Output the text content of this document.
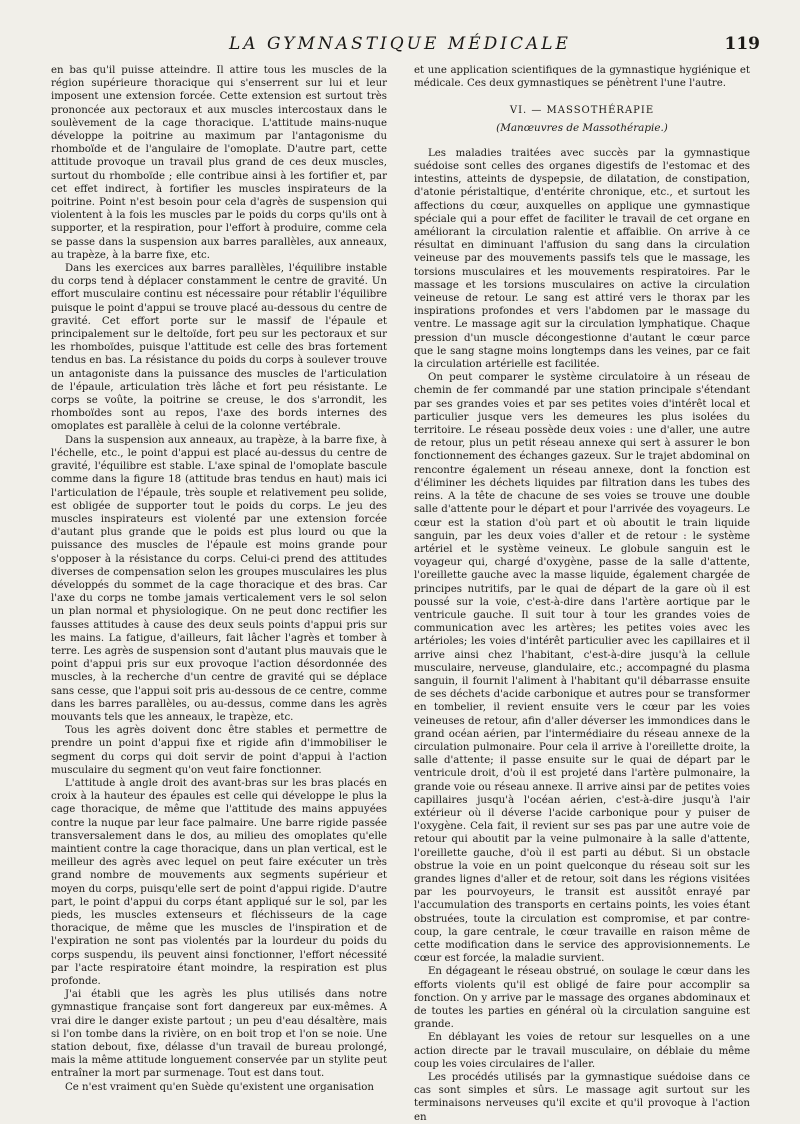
LA GYMNASTIQUE MÉDICALE	119

en bas qu'il puisse atteindre. Il attire tous les muscles de la région supérieure thoracique qui s'enserrent sur lui et leur imposent une extension forcée. Cette extension est surtout très prononcée aux pectoraux et aux muscles intercostaux dans le soulèvement de la cage thoracique. L'attitude mains-nuque développe la poitrine au maximum par l'antagonisme du rhomboïde et de l'angulaire de l'omoplate. D'autre part, cette attitude provoque un travail plus grand de ces deux muscles, surtout du rhomboïde ; elle contribue ainsi à les fortifier et, par cet effet indirect, à fortifier les muscles inspirateurs de la poitrine. Point n'est besoin pour cela d'agrès de suspension qui violentent à la fois les muscles par le poids du corps qu'ils ont à supporter, et la respiration, pour l'effort à produire, comme cela se passe dans la suspension aux barres parallèles, aux anneaux, au trapèze, à la barre fixe, etc.

Dans les exercices aux barres parallèles, l'équilibre instable du corps tend à déplacer constamment le centre de gravité. Un effort musculaire continu est nécessaire pour rétablir l'équilibre puisque le point d'appui se trouve placé au-dessous du centre de gravité. Cet effort porte sur le massif de l'épaule et principalement sur le deltoïde, fort peu sur les pectoraux et sur les rhomboïdes, puisque l'attitude est celle des bras fortement tendus en bas. La résistance du poids du corps à soulever trouve un antagoniste dans la puissance des muscles de l'articulation de l'épaule, articulation très lâche et fort peu résistante. Le corps se voûte, la poitrine se creuse, le dos s'arrondit, les rhomboïdes sont au repos, l'axe des bords internes des omoplates est parallèle à celui de la colonne vertébrale.

Dans la suspension aux anneaux, au trapèze, à la barre fixe, à l'échelle, etc., le point d'appui est placé au-dessus du centre de gravité, l'équilibre est stable. L'axe spinal de l'omoplate bascule comme dans la figure 18 (attitude bras tendus en haut) mais ici l'articulation de l'épaule, très souple et relativement peu solide, est obligée de supporter tout le poids du corps. Le jeu des muscles inspirateurs est violenté par une extension forcée d'autant plus grande que le poids est plus lourd ou que la puissance des muscles de l'épaule est moins grande pour s'opposer à la résistance du corps. Celui-ci prend des attitudes diverses de compensation selon les groupes musculaires les plus développés du sommet de la cage thoracique et des bras. Car l'axe du corps ne tombe jamais verticalement vers le sol selon un plan normal et physiologique. On ne peut donc rectifier les fausses attitudes à cause des deux seuls points d'appui pris sur les mains. La fatigue, d'ailleurs, fait lâcher l'agrès et tomber à terre. Les agrès de suspension sont d'autant plus mauvais que le point d'appui pris sur eux provoque l'action désordonnée des muscles, à la recherche d'un centre de gravité qui se déplace sans cesse, que l'appui soit pris au-dessous de ce centre, comme dans les barres parallèles, ou au-dessus, comme dans les agrès mouvants tels que les anneaux, le trapèze, etc.

Tous les agrès doivent donc être stables et permettre de prendre un point d'appui fixe et rigide afin d'immobiliser le segment du corps qui doit servir de point d'appui à l'action musculaire du segment qu'on veut faire fonctionner.

L'attitude à angle droit des avant-bras sur les bras placés en croix à la hauteur des épaules est celle qui développe le plus la cage thoracique, de même que l'attitude des mains appuyées contre la nuque par leur face palmaire. Une barre rigide passée transversalement dans le dos, au milieu des omoplates qu'elle maintient contre la cage thoracique, dans un plan vertical, est le meilleur des agrès avec lequel on peut faire exécuter un très grand nombre de mouvements aux segments supérieur et moyen du corps, puisqu'elle sert de point d'appui rigide. D'autre part, le point d'appui du corps étant appliqué sur le sol, par les pieds, les muscles extenseurs et fléchisseurs de la cage thoracique, de même que les muscles de l'inspiration et de l'expiration ne sont pas violentés par la lourdeur du poids du corps suspendu, ils peuvent ainsi fonctionner, l'effort nécessité par l'acte respiratoire étant moindre, la respiration est plus profonde.

J'ai établi que les agrès les plus utilisés dans notre gymnastique française sont fort dangereux par eux-mêmes. A vrai dire le danger existe partout ; un peu d'eau désaltère, mais si l'on tombe dans la rivière, on en boit trop et l'on se noie. Une station debout, fixe, délasse d'un travail de bureau prolongé, mais la même attitude longuement conservée par un stylite peut entraîner la mort par surmenage. Tout est dans tout.

Ce n'est vraiment qu'en Suède qu'existent une organisation

et une application scientifiques de la gymnastique hygiénique et médicale. Ces deux gymnastiques se pénètrent l'une l'autre.

VI. — MASSOTHÉRAPIE
(Manœuvres de Massothérapie.)

Les maladies traitées avec succès par la gymnastique suédoise sont celles des organes digestifs de l'estomac et des intestins, atteints de dyspepsie, de dilatation, de constipation, d'atonie péristaltique, d'entérite chronique, etc., et surtout les affections du cœur, auxquelles on applique une gymnastique spéciale qui a pour effet de faciliter le travail de cet organe en améliorant la circulation ralentie et affaiblie. On arrive à ce résultat en diminuant l'affusion du sang dans la circulation veineuse par des mouvements passifs tels que le massage, les torsions musculaires et les mouvements respiratoires. Par le massage et les torsions musculaires on active la circulation veineuse de retour. Le sang est attiré vers le thorax par les inspirations profondes et vers l'abdomen par le massage du ventre. Le massage agit sur la circulation lymphatique. Chaque pression d'un muscle décongestionne d'autant le cœur parce que le sang stagne moins longtemps dans les veines, par ce fait la circulation artérielle est facilitée.

On peut comparer le système circulatoire à un réseau de chemin de fer commandé par une station principale s'étendant par ses grandes voies et par ses petites voies d'intérêt local et particulier jusque vers les demeures les plus isolées du territoire. Le réseau possède deux voies : une d'aller, une autre de retour, plus un petit réseau annexe qui sert à assurer le bon fonctionnement des échanges gazeux. Sur le trajet abdominal on rencontre également un réseau annexe, dont la fonction est d'éliminer les déchets liquides par filtration dans les tubes des reins. A la tête de chacune de ses voies se trouve une double salle d'attente pour le départ et pour l'arrivée des voyageurs. Le cœur est la station d'où part et où aboutit le train liquide sanguin, par les deux voies d'aller et de retour : le système artériel et le système veineux. Le globule sanguin est le voyageur qui, chargé d'oxygène, passe de la salle d'attente, l'oreillette gauche avec la masse liquide, également chargée de principes nutritifs, par le quai de départ de la gare où il est poussé sur la voie, c'est-à-dire dans l'artère aortique par le ventricule gauche. Il suit tour à tour les grandes voies de communication avec les artères; les petites voies avec les artérioles; les voies d'intérêt particulier avec les capillaires et il arrive ainsi chez l'habitant, c'est-à-dire jusqu'à la cellule musculaire, nerveuse, glandulaire, etc.; accompagné du plasma sanguin, il fournit l'aliment à l'habitant qu'il débarrasse ensuite de ses déchets d'acide carbonique et autres pour se transformer en tombelier, il revient ensuite vers le cœur par les voies veineuses de retour, afin d'aller déverser les immondices dans le grand océan aérien, par l'intermédiaire du réseau annexe de la circulation pulmonaire. Pour cela il arrive à l'oreillette droite, la salle d'attente; il passe ensuite sur le quai de départ par le ventricule droit, d'où il est projeté dans l'artère pulmonaire, la grande voie ou réseau annexe. Il arrive ainsi par de petites voies capillaires jusqu'à l'océan aérien, c'est-à-dire jusqu'à l'air extérieur où il déverse l'acide carbonique pour y puiser de l'oxygène. Cela fait, il revient sur ses pas par une autre voie de retour qui aboutit par la veine pulmonaire à la salle d'attente, l'oreillette gauche, d'où il est parti au début. Si un obstacle obstrue la voie en un point quelconque du réseau soit sur les grandes lignes d'aller et de retour, soit dans les régions visitées par les pourvoyeurs, le transit est aussitôt enrayé par l'accumulation des transports en certains points, les voies étant obstruées, toute la circulation est compromise, et par contre-coup, la gare centrale, le cœur travaille en raison même de cette modification dans le service des approvisionnements. Le cœur est forcée, la maladie survient.

En dégageant le réseau obstrué, on soulage le cœur dans les efforts violents qu'il est obligé de faire pour accomplir sa fonction. On y arrive par le massage des organes abdominaux et de toutes les parties en général où la circulation sanguine est grande.

En déblayant les voies de retour sur lesquelles on a une action directe par le travail musculaire, on déblaie du même coup les voies circulaires de l'aller.

Les procédés utilisés par la gymnastique suédoise dans ce cas sont simples et sûrs. Le massage agit surtout sur les terminaisons nerveuses qu'il excite et qu'il provoque à l'action en
